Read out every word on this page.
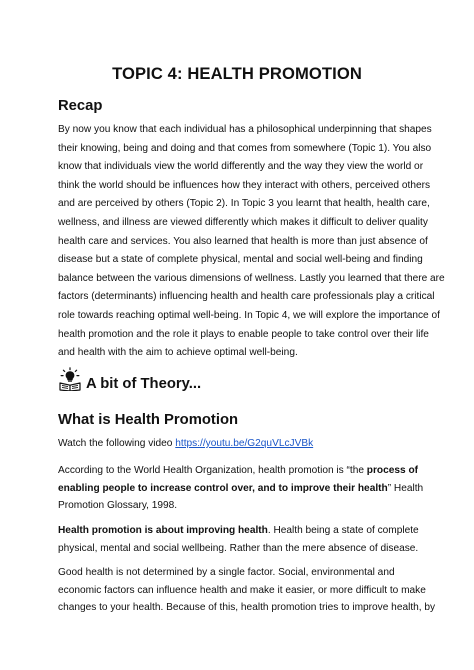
TOPIC 4: HEALTH PROMOTION
Recap

By now you know that each individual has a philosophical underpinning that shapes
their knowing, being and doing and that comes from somewhere (Topic 1). You also
know that individuals view the world differently and the way they view the world or
think the world should be influences how they interact with others, perceived others
and are perceived by others (Topic 2). In Topic 3 you learnt that health, health care,
wellness, and illness are viewed differently which makes it difficult to deliver quality
health care and services. You also learned that health is more than just absence of
disease but a state of complete physical, mental and social well-being and finding
balance between the various dimensions of wellness. Lastly you learned that there are
factors (determinants) influencing health and health care professionals play a critical
role towards reaching optimal well-being. In Topic 4, we will explore the importance of
health promotion and the role it plays to enable people to take control over their life
and health with the aim to achieve optimal well-being.

A bit of Theory...
What is Health Promotion

Watch the following video https://youtu.be/G2quVLcJVBk

According to the World Health Organization, health promotion is “the process of
enabling people to increase control over, and to improve their health” Health
Promotion Glossary, 1998.

Health promotion is about improving health. Health being a state of complete
physical, mental and social wellbeing. Rather than the mere absence of disease.

Good health is not determined by a single factor. Social, environmental and
economic factors can influence health and make it easier, or more difficult to make
changes to your health. Because of this, health promotion tries to improve health, by
